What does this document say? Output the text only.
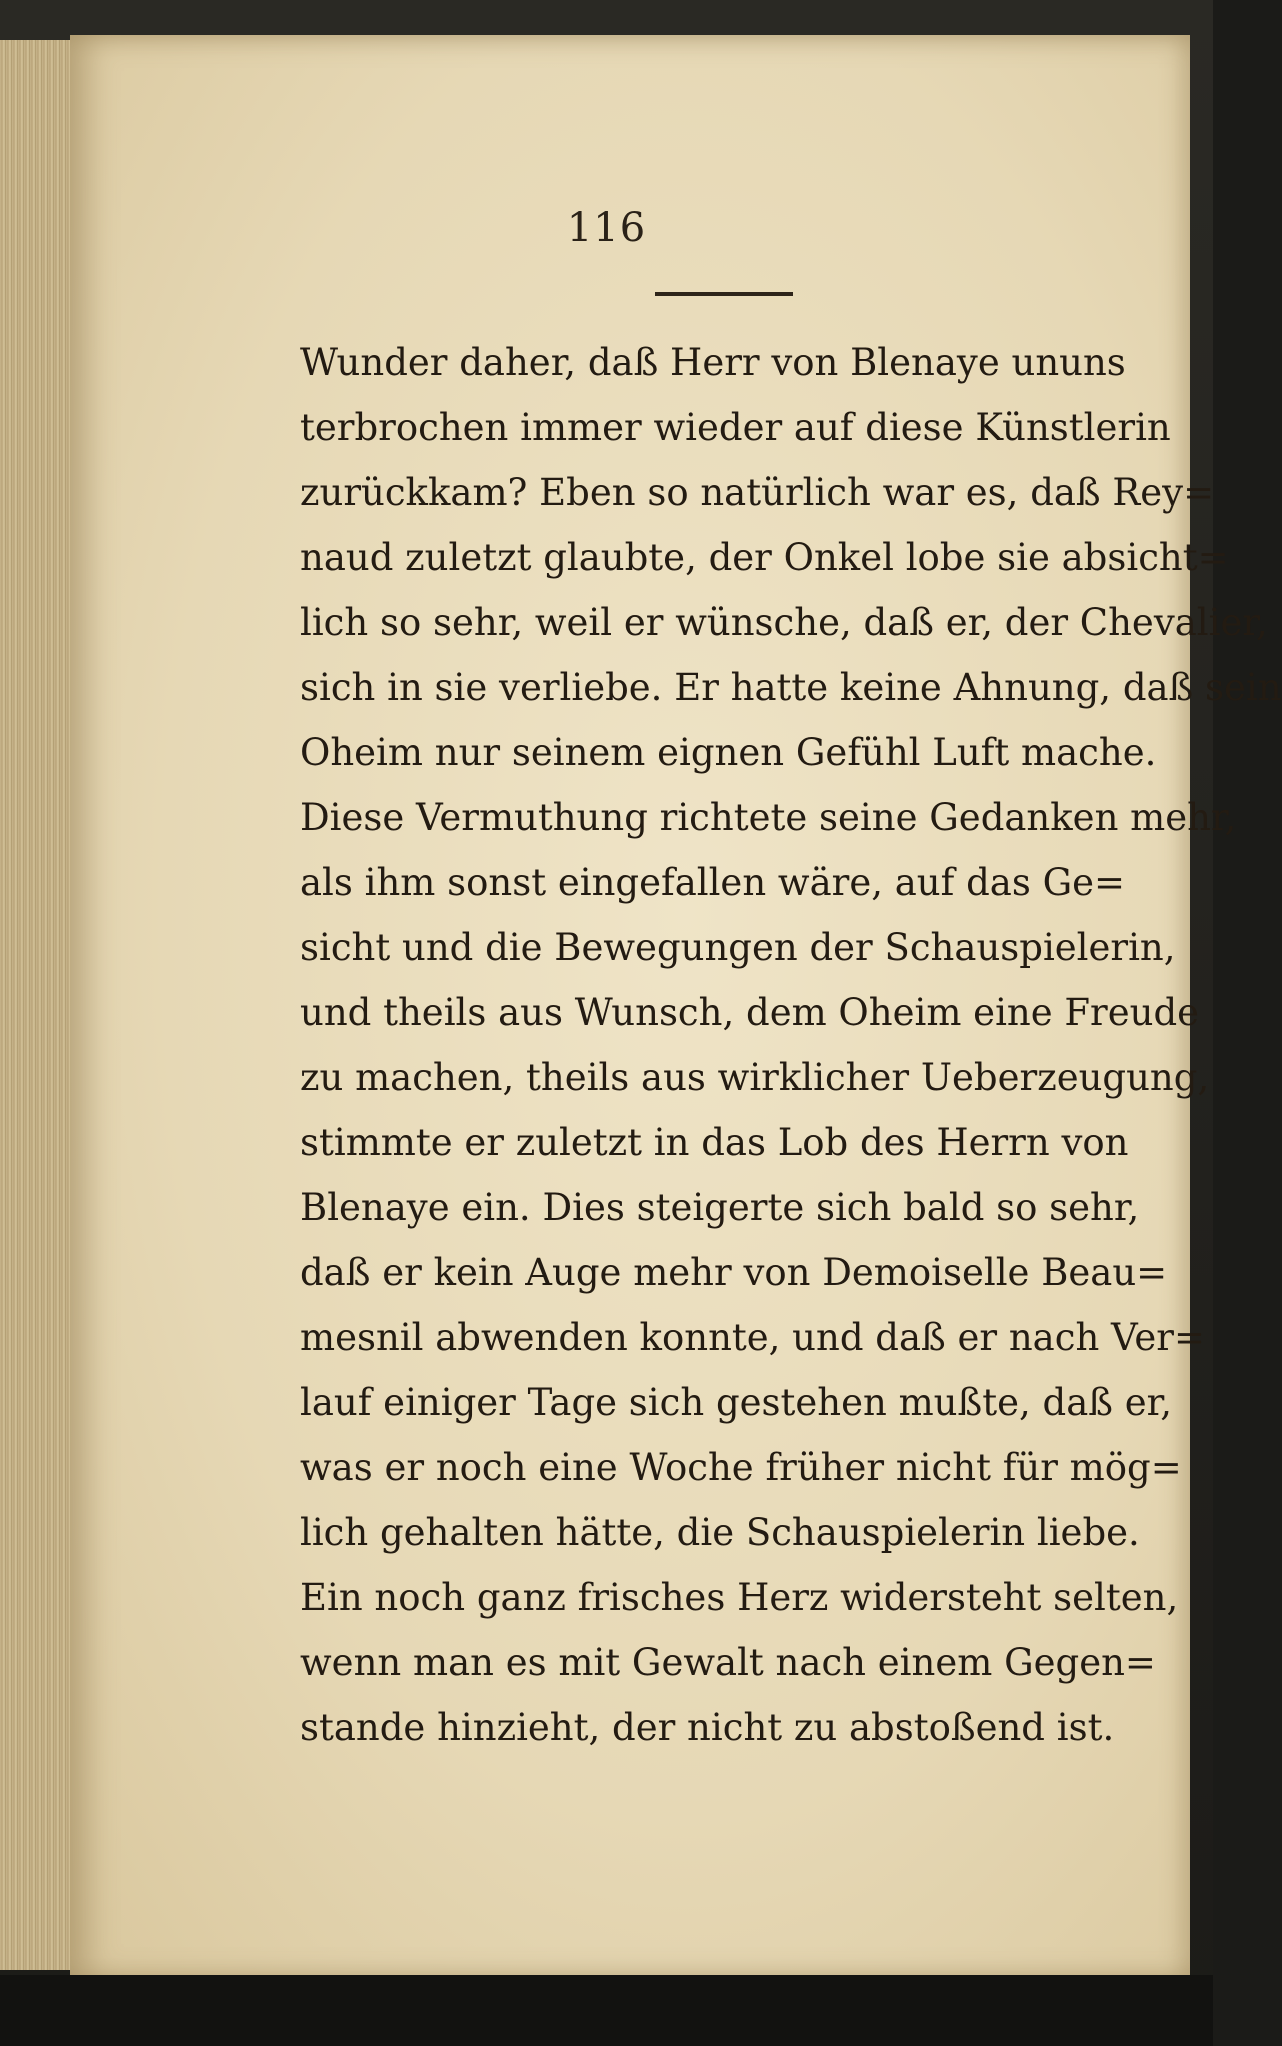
116
Wunder daher, daß Herr von Blenaye ununs
terbrochen immer wieder auf diese Künstlerin
zurückkam? Eben so natürlich war es, daß Rey=
naud zuletzt glaubte, der Onkel lobe sie absicht=
lich so sehr, weil er wünsche, daß er, der Chevalier,
sich in sie verliebe. Er hatte keine Ahnung, daß sein
Oheim nur seinem eignen Gefühl Luft mache.
Diese Vermuthung richtete seine Gedanken mehr,
als ihm sonst eingefallen wäre, auf das Ge=
sicht und die Bewegungen der Schauspielerin,
und theils aus Wunsch, dem Oheim eine Freude
zu machen, theils aus wirklicher Ueberzeugung,
stimmte er zuletzt in das Lob des Herrn von
Blenaye ein. Dies steigerte sich bald so sehr,
daß er kein Auge mehr von Demoiselle Beau=
mesnil abwenden konnte, und daß er nach Ver=
lauf einiger Tage sich gestehen mußte, daß er,
was er noch eine Woche früher nicht für mög=
lich gehalten hätte, die Schauspielerin liebe.
Ein noch ganz frisches Herz widersteht selten,
wenn man es mit Gewalt nach einem Gegen=
stande hinzieht, der nicht zu abstoßend ist.
